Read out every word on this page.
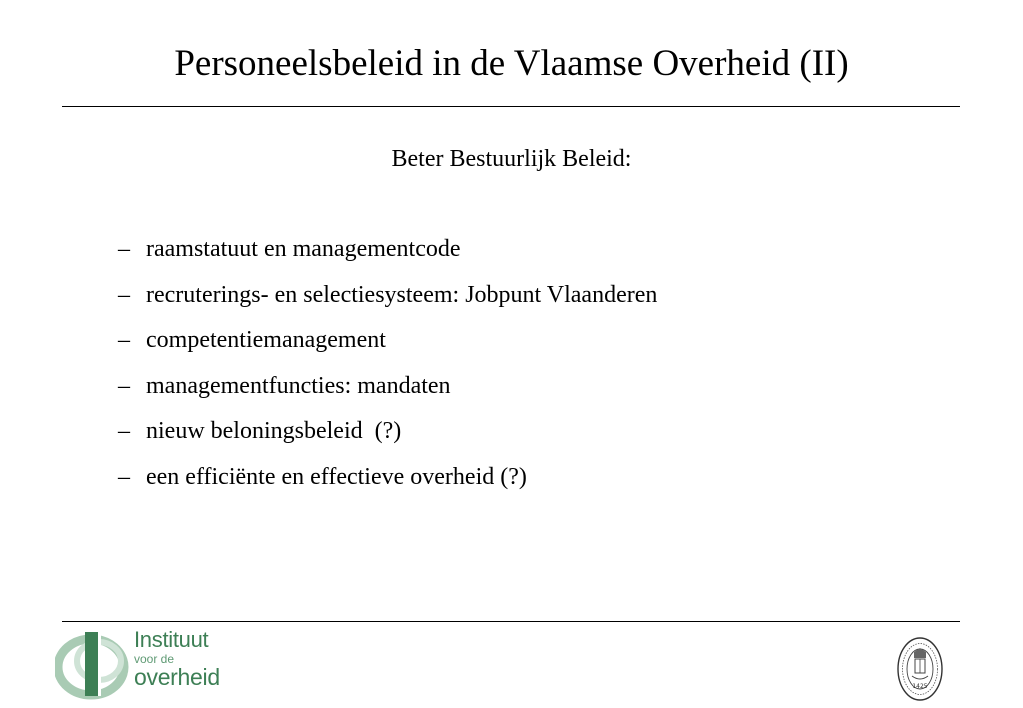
Personeelsbeleid in de Vlaamse Overheid (II)
Beter Bestuurlijk Beleid:
– raamstatuut en managementcode
– recruterings- en selectiesysteem: Jobpunt Vlaanderen
– competentiemanagement
– managementfuncties: mandaten
– nieuw beloningsbeleid  (?)
– een efficiënte en effectieve overheid (?)
Instituut
voor de
overheid	1425
